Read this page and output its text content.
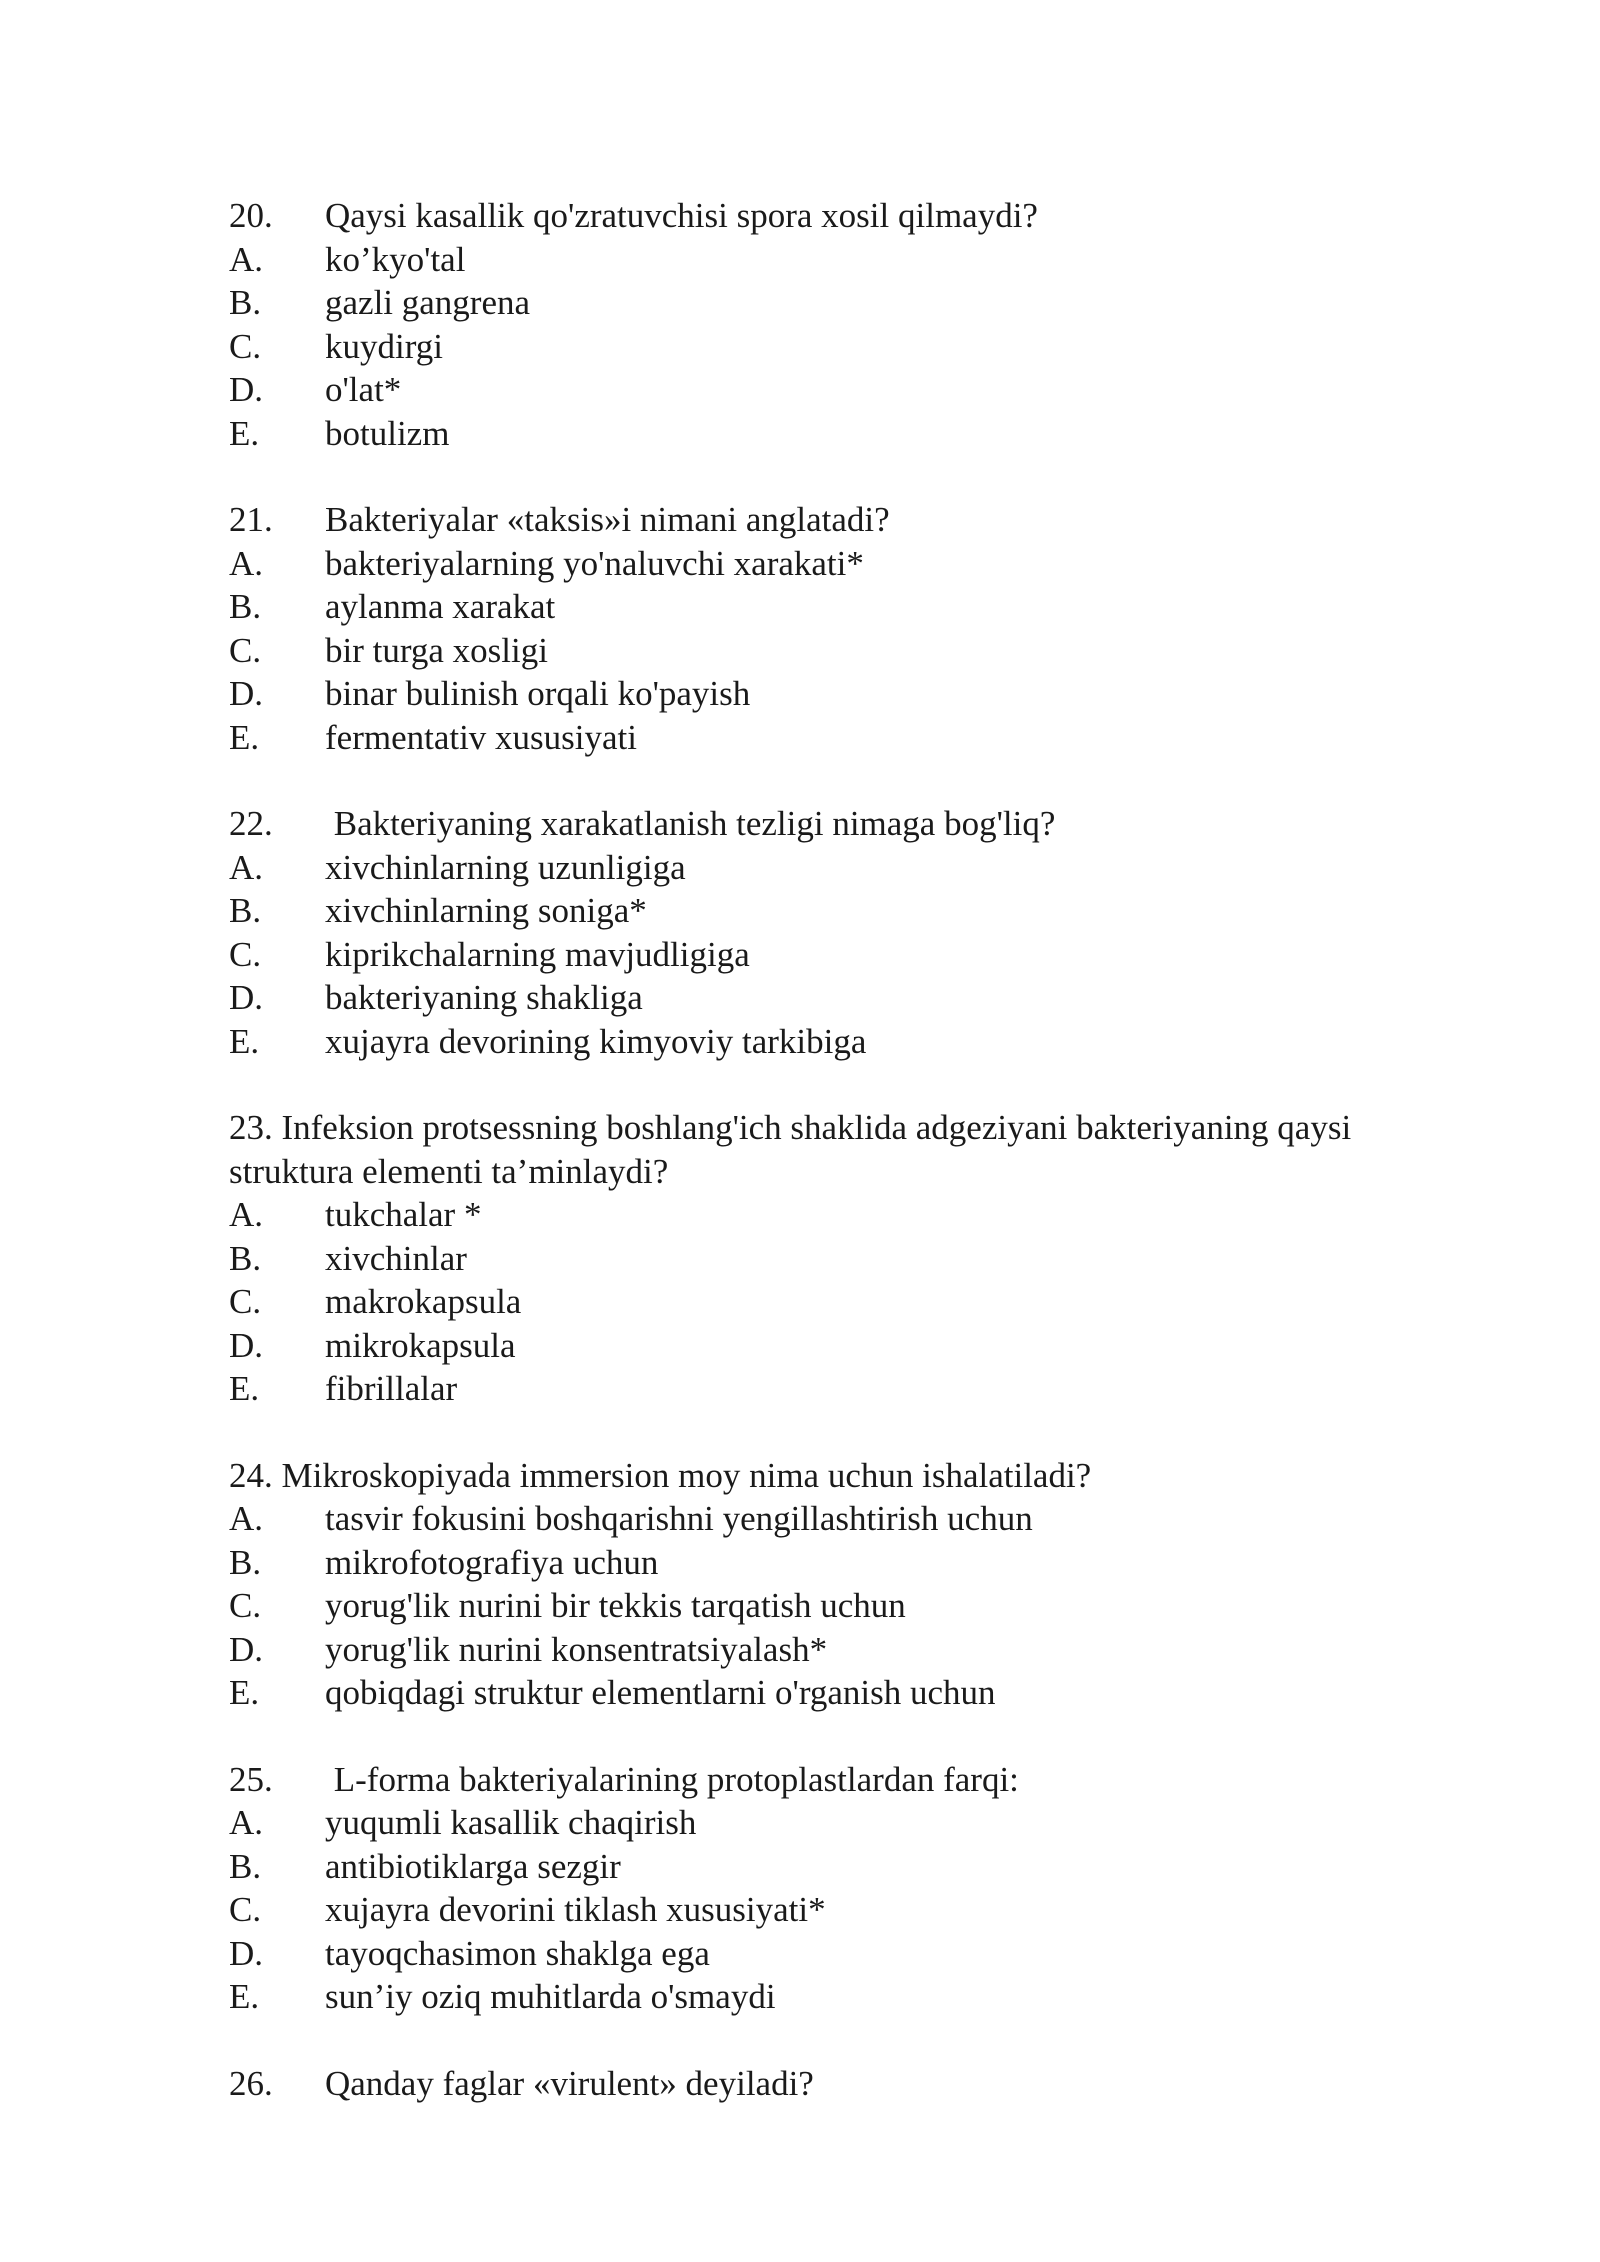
20. Qaysi kasallik qo'zratuvchisi spora xosil qilmaydi?
A. ko’kyo'tal
B. gazli gangrena
C. kuydirgi
D. o'lat*
E. botulizm
21. Bakteriyalar «taksis»i nimani anglatadi?
A. bakteriyalarning yo'naluvchi xarakati*
B. aylanma xarakat
C. bir turga xosligi
D. binar bulinish orqali ko'payish
E. fermentativ xususiyati
22. Bakteriyaning xarakatlanish tezligi nimaga bog'liq?
A. xivchinlarning uzunligiga
B. xivchinlarning soniga*
C. kiprikchalarning mavjudligiga
D. bakteriyaning shakliga
E. xujayra devorining kimyoviy tarkibiga
23. Infeksion protsessning boshlang'ich shaklida adgeziyani bakteriyaning qaysi struktura elementi ta’minlaydi?
A. tukchalar *
B. xivchinlar
C. makrokapsula
D. mikrokapsula
E. fibrillalar
24. Mikroskopiyada immersion moy nima uchun ishalatiladi?
A. tasvir fokusini boshqarishni yengillashtirish uchun
B. mikrofotografiya uchun
C. yorug'lik nurini bir tekkis tarqatish uchun
D. yorug'lik nurini konsentratsiyalash*
E. qobiqdagi struktur elementlarni o'rganish uchun
25. L-forma bakteriyalarining protoplastlardan farqi:
A. yuqumli kasallik chaqirish
B. antibiotiklarga sezgir
C. xujayra devorini tiklash xususiyati*
D. tayoqchasimon shaklga ega
E. sun’iy oziq muhitlarda o'smaydi
26. Qanday faglar «virulent» deyiladi?
